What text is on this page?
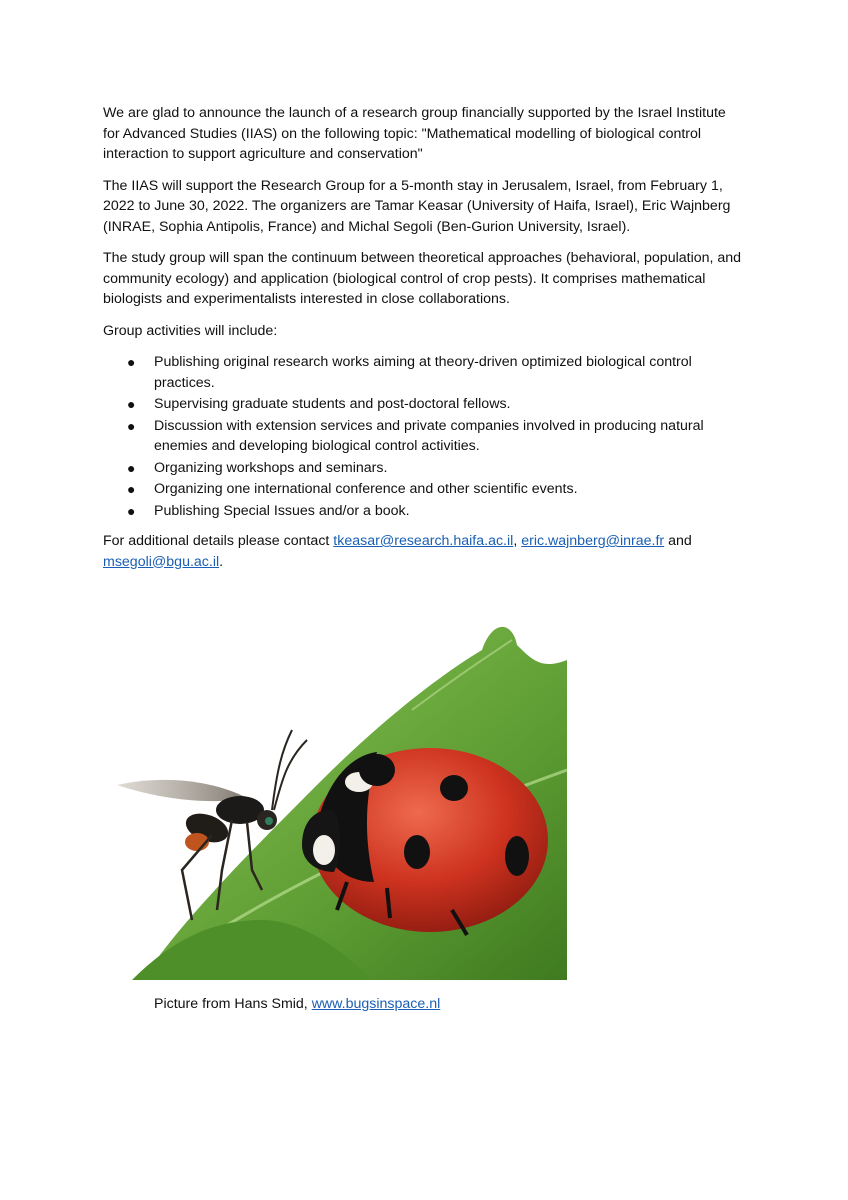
We are glad to announce the launch of a research group financially supported by the Israel Institute for Advanced Studies (IIAS) on the following topic: "Mathematical modelling of biological control interaction to support agriculture and conservation"

The IIAS will support the Research Group for a 5-month stay in Jerusalem, Israel, from February 1, 2022 to June 30, 2022. The organizers are Tamar Keasar (University of Haifa, Israel), Eric Wajnberg (INRAE, Sophia Antipolis, France) and Michal Segoli (Ben-Gurion University, Israel).

The study group will span the continuum between theoretical approaches (behavioral, population, and community ecology) and application (biological control of crop pests). It comprises mathematical biologists and experimentalists interested in close collaborations.

Group activities will include:

● Publishing original research works aiming at theory-driven optimized biological control practices.
● Supervising graduate students and post-doctoral fellows.
● Discussion with extension services and private companies involved in producing natural enemies and developing biological control activities.
● Organizing workshops and seminars.
● Organizing one international conference and other scientific events.
● Publishing Special Issues and/or a book.

For additional details please contact tkeasar@research.haifa.ac.il, eric.wajnberg@inrae.fr and msegoli@bgu.ac.il.

Picture from Hans Smid, www.bugsinspace.nl
